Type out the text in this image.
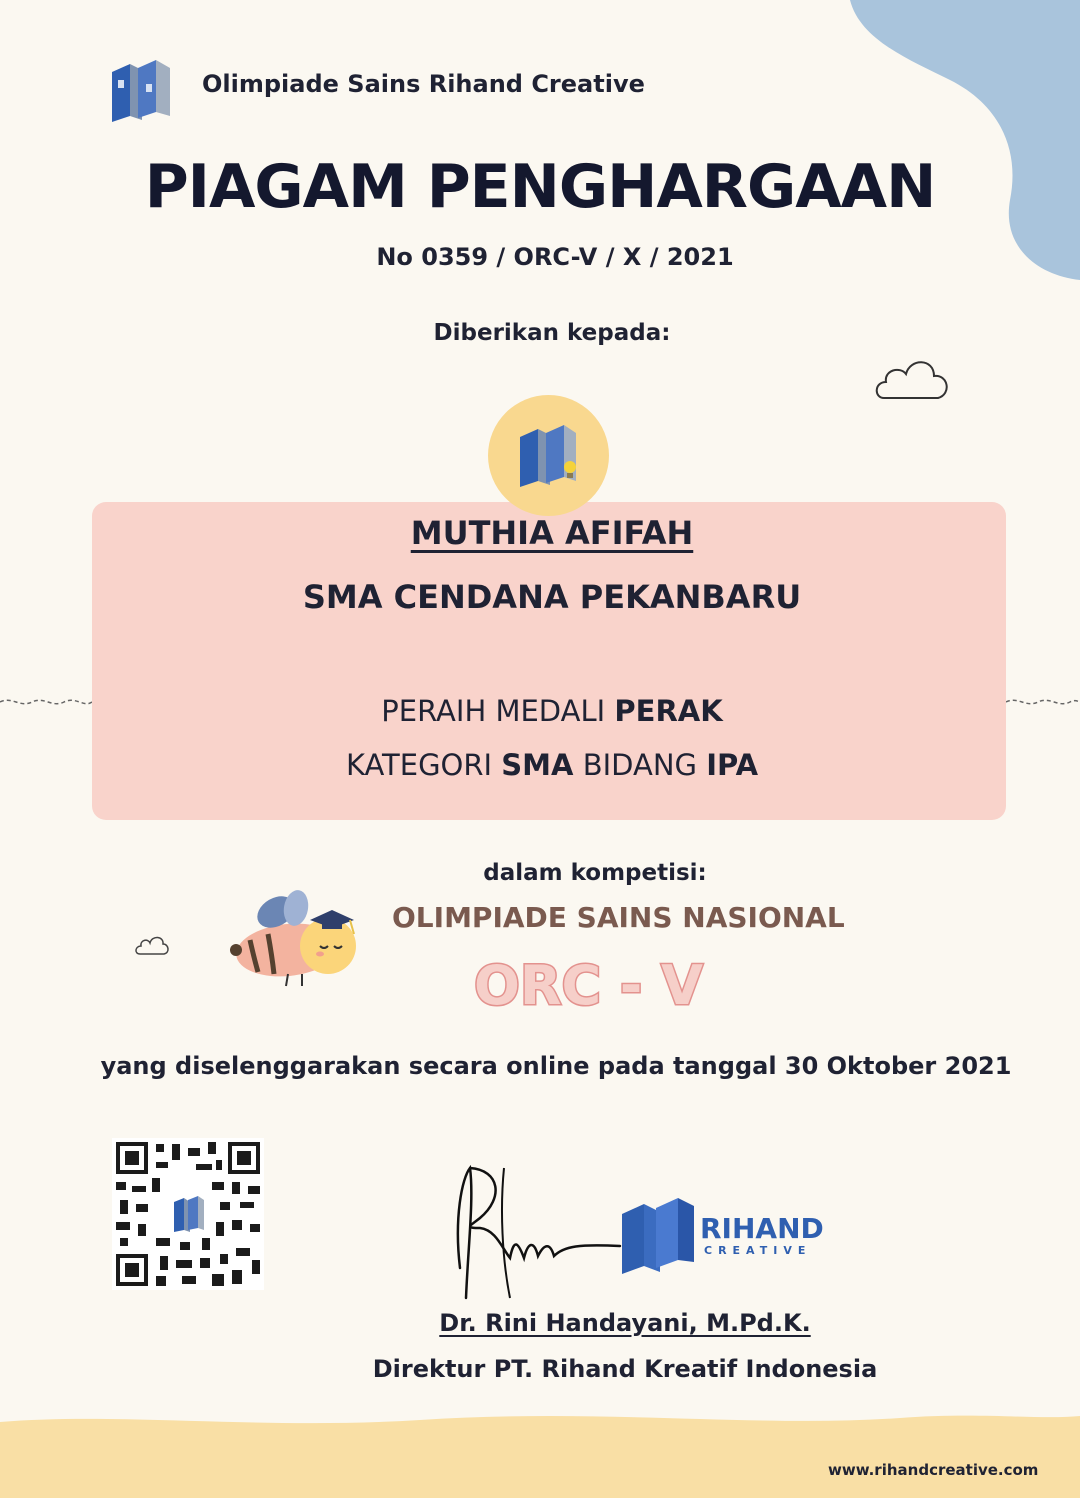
Olimpiade Sains Rihand Creative
PIAGAM PENGHARGAAN
No 0359 / ORC-V / X / 2021
Diberikan kepada:
MUTHIA AFIFAH
SMA CENDANA PEKANBARU
PERAIH MEDALI PERAK
KATEGORI SMA BIDANG IPA
dalam kompetisi:
OLIMPIADE SAINS NASIONAL
ORC - V
yang diselenggarakan secara online pada tanggal 30 Oktober 2021
RIHAND
CREATIVE
Dr. Rini Handayani, M.Pd.K.
Direktur PT. Rihand Kreatif Indonesia
www.rihandcreative.com
